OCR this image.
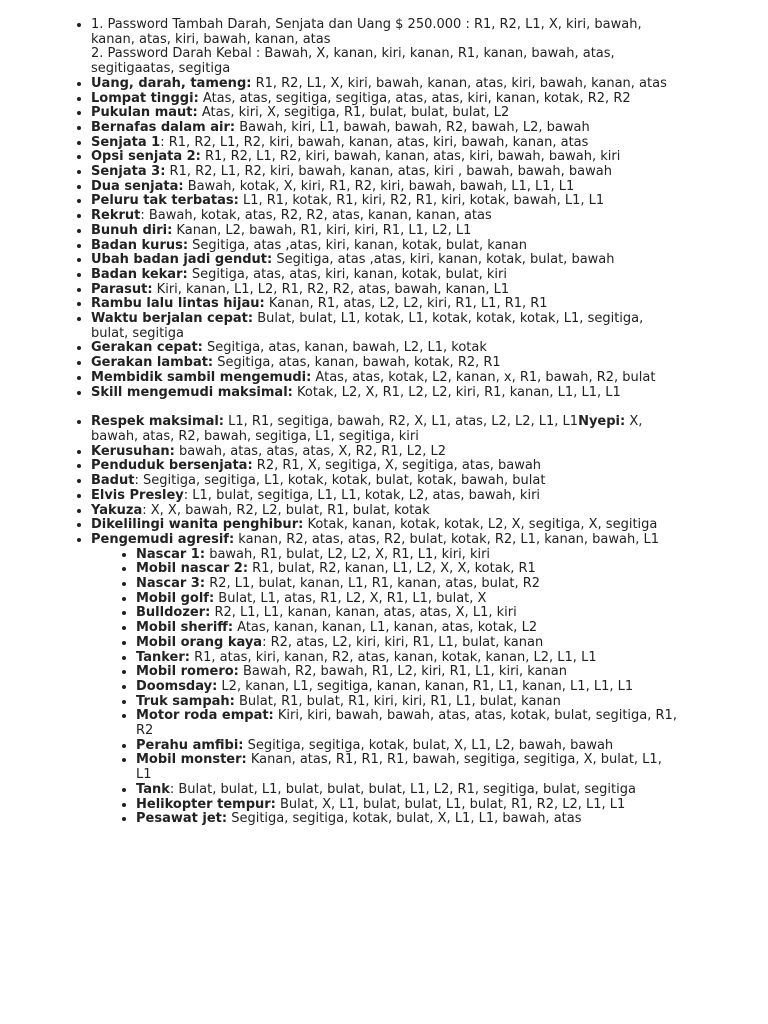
• 1. Password Tambah Darah, Senjata dan Uang $ 250.000 : R1, R2, L1, X, kiri, bawah, kanan, atas, kiri, bawah, kanan, atas
2. Password Darah Kebal : Bawah, X, kanan, kiri, kanan, R1, kanan, bawah, atas, segitigaatas, segitiga
• Uang, darah, tameng: R1, R2, L1, X, kiri, bawah, kanan, atas, kiri, bawah, kanan, atas
• Lompat tinggi: Atas, atas, segitiga, segitiga, atas, atas, kiri, kanan, kotak, R2, R2
• Pukulan maut: Atas, kiri, X, segitiga, R1, bulat, bulat, bulat, L2
• Bernafas dalam air: Bawah, kiri, L1, bawah, bawah, R2, bawah, L2, bawah
• Senjata 1: R1, R2, L1, R2, kiri, bawah, kanan, atas, kiri, bawah, kanan, atas
• Opsi senjata 2: R1, R2, L1, R2, kiri, bawah, kanan, atas, kiri, bawah, bawah, kiri
• Senjata 3: R1, R2, L1, R2, kiri, bawah, kanan, atas, kiri , bawah, bawah, bawah
• Dua senjata: Bawah, kotak, X, kiri, R1, R2, kiri, bawah, bawah, L1, L1, L1
• Peluru tak terbatas: L1, R1, kotak, R1, kiri, R2, R1, kiri, kotak, bawah, L1, L1
• Rekrut: Bawah, kotak, atas, R2, R2, atas, kanan, kanan, atas
• Bunuh diri: Kanan, L2, bawah, R1, kiri, kiri, R1, L1, L2, L1
• Badan kurus: Segitiga, atas ,atas, kiri, kanan, kotak, bulat, kanan
• Ubah badan jadi gendut: Segitiga, atas ,atas, kiri, kanan, kotak, bulat, bawah
• Badan kekar: Segitiga, atas, atas, kiri, kanan, kotak, bulat, kiri
• Parasut: Kiri, kanan, L1, L2, R1, R2, R2, atas, bawah, kanan, L1
• Rambu lalu lintas hijau: Kanan, R1, atas, L2, L2, kiri, R1, L1, R1, R1
• Waktu berjalan cepat: Bulat, bulat, L1, kotak, L1, kotak, kotak, kotak, L1, segitiga, bulat, segitiga
• Gerakan cepat: Segitiga, atas, kanan, bawah, L2, L1, kotak
• Gerakan lambat: Segitiga, atas, kanan, bawah, kotak, R2, R1
• Membidik sambil mengemudi: Atas, atas, kotak, L2, kanan, x, R1, bawah, R2, bulat
• Skill mengemudi maksimal: Kotak, L2, X, R1, L2, L2, kiri, R1, kanan, L1, L1, L1
• Respek maksimal: L1, R1, segitiga, bawah, R2, X, L1, atas, L2, L2, L1, L1Nyepi: X, bawah, atas, R2, bawah, segitiga, L1, segitiga, kiri
• Kerusuhan: bawah, atas, atas, atas, X, R2, R1, L2, L2
• Penduduk bersenjata: R2, R1, X, segitiga, X, segitiga, atas, bawah
• Badut: Segitiga, segitiga, L1, kotak, kotak, bulat, kotak, bawah, bulat
• Elvis Presley: L1, bulat, segitiga, L1, L1, kotak, L2, atas, bawah, kiri
• Yakuza: X, X, bawah, R2, L2, bulat, R1, bulat, kotak
• Dikelilingi wanita penghibur: Kotak, kanan, kotak, kotak, L2, X, segitiga, X, segitiga
• Pengemudi agresif: kanan, R2, atas, atas, R2, bulat, kotak, R2, L1, kanan, bawah, L1
• Nascar 1: bawah, R1, bulat, L2, L2, X, R1, L1, kiri, kiri
• Mobil nascar 2: R1, bulat, R2, kanan, L1, L2, X, X, kotak, R1
• Nascar 3: R2, L1, bulat, kanan, L1, R1, kanan, atas, bulat, R2
• Mobil golf: Bulat, L1, atas, R1, L2, X, R1, L1, bulat, X
• Bulldozer: R2, L1, L1, kanan, kanan, atas, atas, X, L1, kiri
• Mobil sheriff: Atas, kanan, kanan, L1, kanan, atas, kotak, L2
• Mobil orang kaya: R2, atas, L2, kiri, kiri, R1, L1, bulat, kanan
• Tanker: R1, atas, kiri, kanan, R2, atas, kanan, kotak, kanan, L2, L1, L1
• Mobil romero: Bawah, R2, bawah, R1, L2, kiri, R1, L1, kiri, kanan
• Doomsday: L2, kanan, L1, segitiga, kanan, kanan, R1, L1, kanan, L1, L1, L1
• Truk sampah: Bulat, R1, bulat, R1, kiri, kiri, R1, L1, bulat, kanan
• Motor roda empat: Kiri, kiri, bawah, bawah, atas, atas, kotak, bulat, segitiga, R1, R2
• Perahu amfibi: Segitiga, segitiga, kotak, bulat, X, L1, L2, bawah, bawah
• Mobil monster: Kanan, atas, R1, R1, R1, bawah, segitiga, segitiga, X, bulat, L1, L1
• Tank: Bulat, bulat, L1, bulat, bulat, bulat, L1, L2, R1, segitiga, bulat, segitiga
• Helikopter tempur: Bulat, X, L1, bulat, bulat, L1, bulat, R1, R2, L2, L1, L1
• Pesawat jet: Segitiga, segitiga, kotak, bulat, X, L1, L1, bawah, atas
